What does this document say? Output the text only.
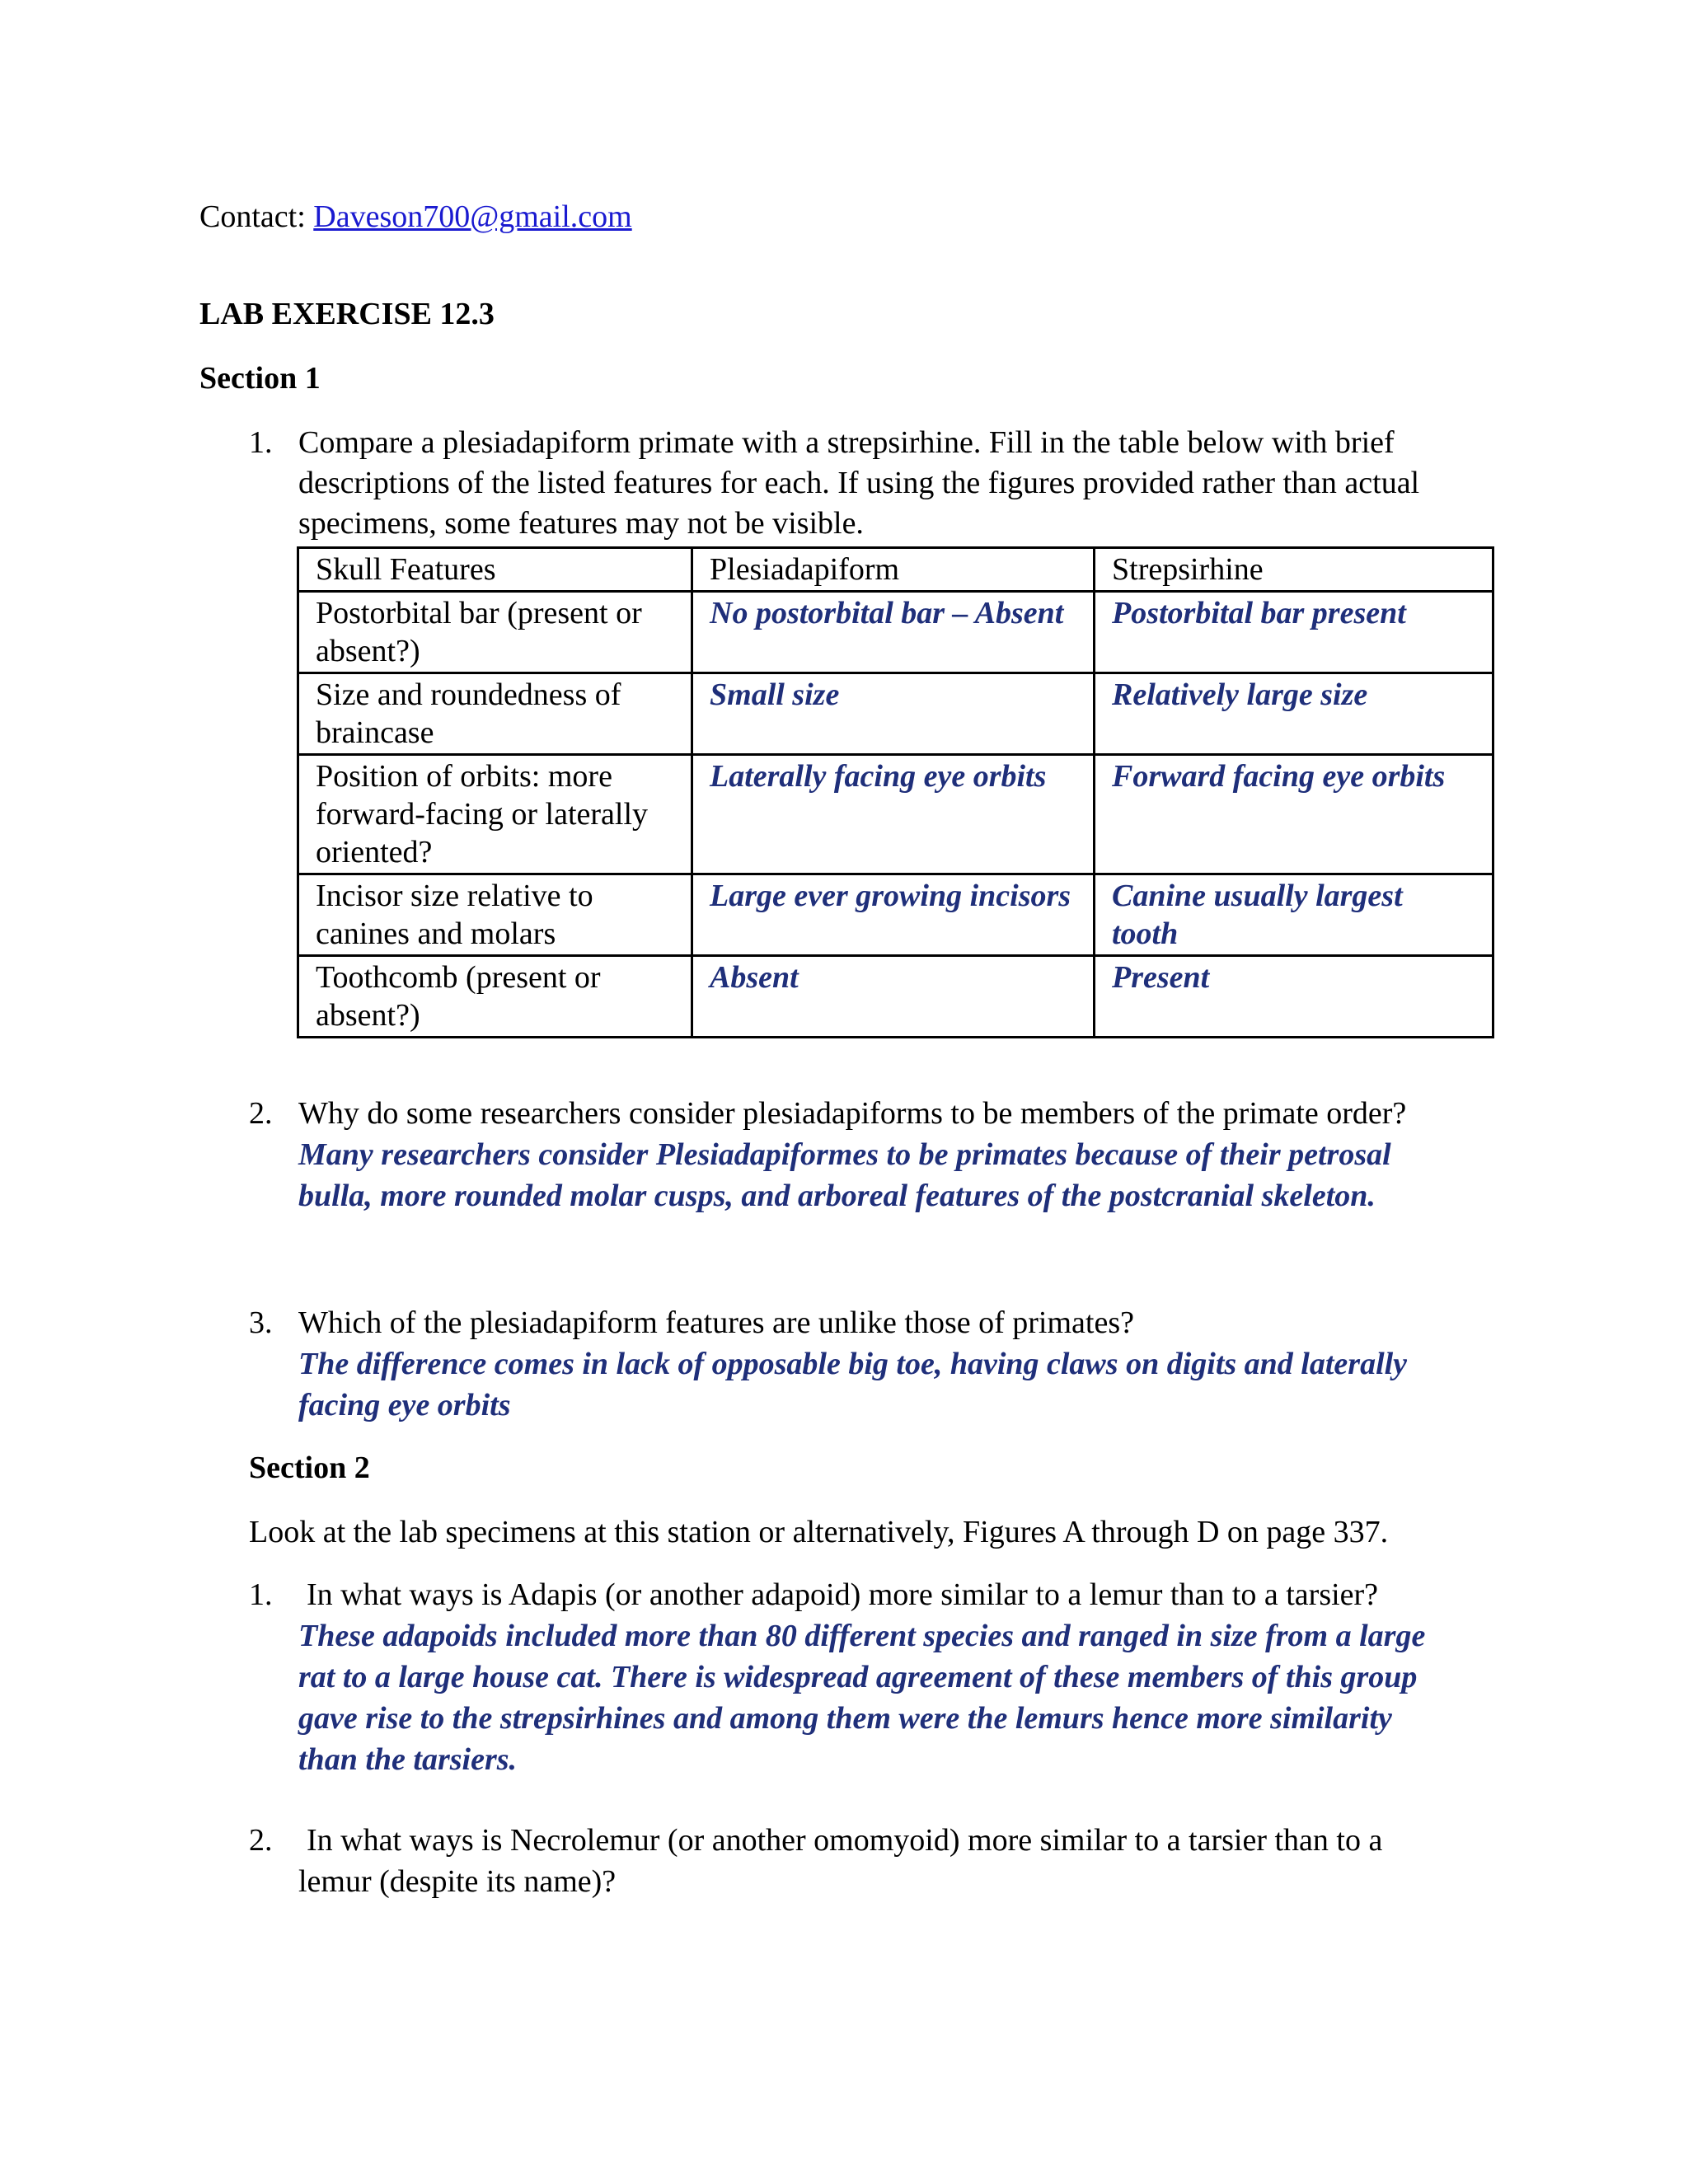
Contact: Daveson700@gmail.com
LAB EXERCISE 12.3
Section 1
1. Compare a plesiadapiform primate with a strepsirhine. Fill in the table below with brief
descriptions of the listed features for each. If using the figures provided rather than actual
specimens, some features may not be visible.
Skull Features	Plesiadapiform	Strepsirhine
Postorbital bar (present or absent?)	No postorbital bar – Absent	Postorbital bar present
Size and roundedness of braincase	Small size	Relatively large size
Position of orbits: more forward-facing or laterally oriented?	Laterally facing eye orbits	Forward facing eye orbits
Incisor size relative to canines and molars	Large ever growing incisors	Canine usually largest tooth
Toothcomb (present or absent?)	Absent	Present
2. Why do some researchers consider plesiadapiforms to be members of the primate order?
Many researchers consider Plesiadapiformes to be primates because of their petrosal
bulla, more rounded molar cusps, and arboreal features of the postcranial skeleton.
3. Which of the plesiadapiform features are unlike those of primates?
The difference comes in lack of opposable big toe, having claws on digits and laterally
facing eye orbits
Section 2
Look at the lab specimens at this station or alternatively, Figures A through D on page 337.
1. In what ways is Adapis (or another adapoid) more similar to a lemur than to a tarsier?
These adapoids included more than 80 different species and ranged in size from a large
rat to a large house cat. There is widespread agreement of these members of this group
gave rise to the strepsirhines and among them were the lemurs hence more similarity
than the tarsiers.
2. In what ways is Necrolemur (or another omomyoid) more similar to a tarsier than to a
lemur (despite its name)?
